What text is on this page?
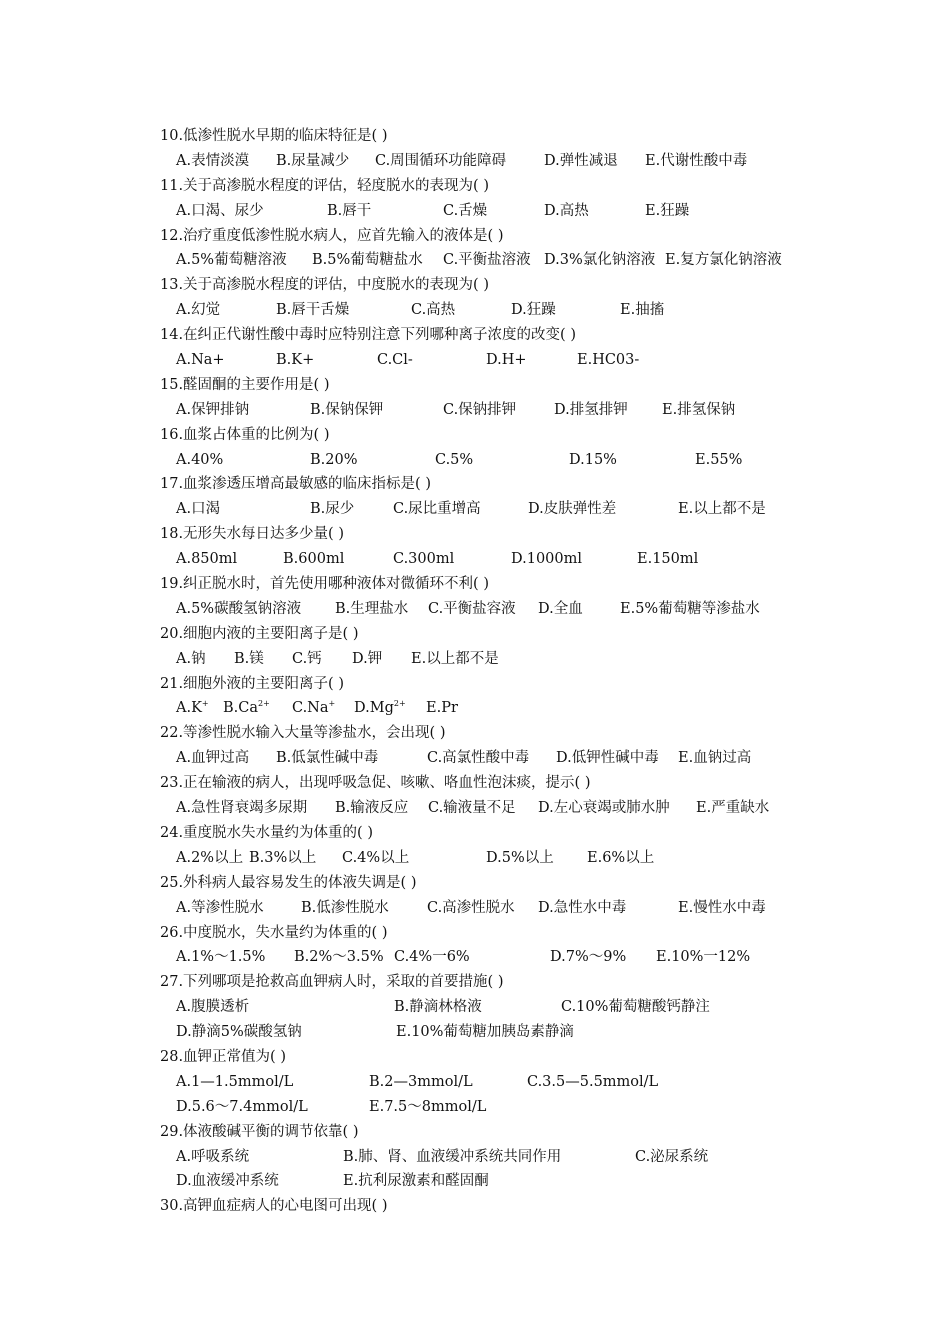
10.低渗性脱水早期的临床特征是( )
A.表情淡漠 B.尿量减少 C.周围循环功能障碍	D.弹性减退 E.代谢性酸中毒
11.关于高渗脱水程度的评估，轻度脱水的表现为( )
A.口渴、尿少	B.唇干	C.舌燥	D.高热	E.狂躁
12.治疗重度低渗性脱水病人，应首先输入的液体是( )
A.5%葡萄糖溶液 B.5%葡萄糖盐水 C.平衡盐溶液 D.3%氯化钠溶液 E.复方氯化钠溶液
13.关于高渗脱水程度的评估，中度脱水的表现为( )
A.幻觉	B.唇干舌燥	C.高热	D.狂躁	E.抽搐
14.在纠正代谢性酸中毒时应特别注意下列哪种离子浓度的改变( )
A.Na+	B.K+	C.Cl-	D.H+	E.HC03-
15.醛固酮的主要作用是( )
A.保钾排钠	B.保钠保钾	C.保钠排钾	D.排氢排钾 E.排氢保钠
16.血浆占体重的比例为( )
A.40%	B.20%	C.5%	D.15%	E.55%
17.血浆渗透压增高最敏感的临床指标是( )
A.口渴	B.尿少	C.尿比重增高	D.皮肤弹性差	E.以上都不是
18.无形失水每日达多少量( )
A.850ml	B.600ml	C.300ml	D.1000ml	E.150ml
19.纠正脱水时，首先使用哪种液体对微循环不利( )
A.5%碳酸氢钠溶液 B.生理盐水 C.平衡盐容液 D.全血	E.5%葡萄糖等渗盐水
20.细胞内液的主要阳离子是( )
A.钠 B.镁 C.钙 D.钾 E.以上都不是
21.细胞外液的主要阳离子( )
A.K+ $B.Ca^{2+}$ C.Na+ $D.Mg^{2+}$ E.Pr
22.等渗性脱水输入大量等渗盐水，会出现( )
A.血钾过高 B.低氯性碱中毒	C.高氯性酸中毒 D.低钾性碱中毒 E.血钠过高
23.正在输液的病人，出现呼吸急促、咳嗽、咯血性泡沫痰，提示( )
A.急性肾衰竭多尿期 B.输液反应 C.输液量不足 D.左心衰竭或肺水肿 E.严重缺水
24.重度脱水失水量约为体重的( )
A.2%以上 B.3%以上 C.4%以上	D.5%以上 E.6%以上
25.外科病人最容易发生的体液失调是( )
A.等渗性脱水	B.低渗性脱水	C.高渗性脱水 D.急性水中毒	E.慢性水中毒
26.中度脱水，失水量约为体重的( )
A.1%～1.5% B.2%～3.5% C.4%一6%	D.7%～9% E.10%一12%
27.下列哪项是抢救高血钾病人时，采取的首要措施( )
A.腹膜透析	B.静滴林格液	C.10%葡萄糖酸钙静注
D.静滴5%碳酸氢钠	E.10%葡萄糖加胰岛素静滴
28.血钾正常值为( )
A.1—1.5mmol/L	B.2—3mmol/L	C.3.5—5.5mmol/L
D.5.6～7.4mmol/L	E.7.5～8mmol/L
29.体液酸碱平衡的调节依靠( )
A.呼吸系统	B.肺、肾、血液缓冲系统共同作用	C.泌尿系统
D.血液缓冲系统	E.抗利尿激素和醛固酮
30.高钾血症病人的心电图可出现( )
